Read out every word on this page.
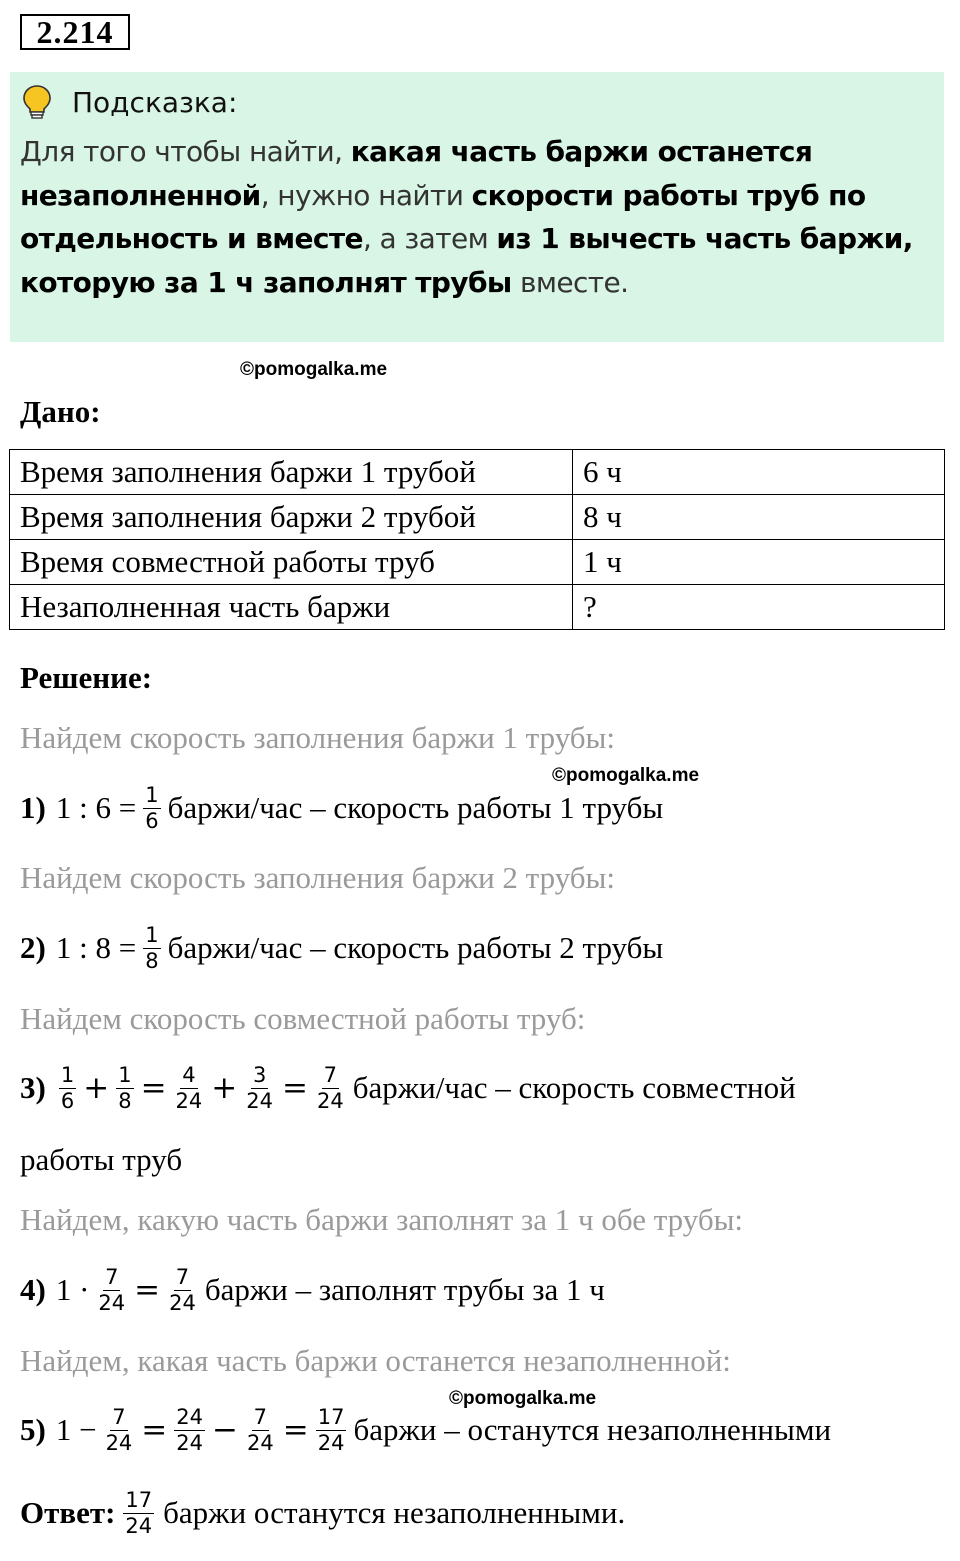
2.214
Подсказка:
Для того чтобы найти, какая часть баржи останется незаполненной, нужно найти скорости работы труб по отдельность и вместе, а затем из 1 вычесть часть баржи, которую за 1 ч заполнят трубы вместе.
©pomogalka.me
Дано:
Время заполнения баржи 1 трубой	6 ч
Время заполнения баржи 2 трубой	8 ч
Время совместной работы труб	1 ч
Незаполненная часть баржи	?
Решение:
Найдем скорость заполнения баржи 1 трубы:
1) 1 : $6 = \frac{1}{6}$ баржи/час – скорость работы 1 трубы
Найдем скорость заполнения баржи 2 трубы:
2) 1 : $8 = \frac{1}{8}$ баржи/час – скорость работы 2 трубы
Найдем скорость совместной работы труб:
$3) \frac{1}{6} + \frac{1}{8} = \frac{4}{24} + \frac{3}{24} = \frac{7}{24}$ баржи/час – скорость совместной
работы труб
Найдем, какую часть баржи заполнят за 1 ч обе трубы:
4) $1 \cdot \frac{7}{24} = \frac{7}{24}$ баржи – заполнят трубы за 1 ч
Найдем, какая часть баржи останется незаполненной:
5) $1 - \frac{7}{24} = \frac{24}{24} - \frac{7}{24} = \frac{17}{24}$ баржи – останутся незаполненными
©pomogalka.me
©pomogalka.me
Ответ: $\frac{17}{24}$ баржи останутся незаполненными.
